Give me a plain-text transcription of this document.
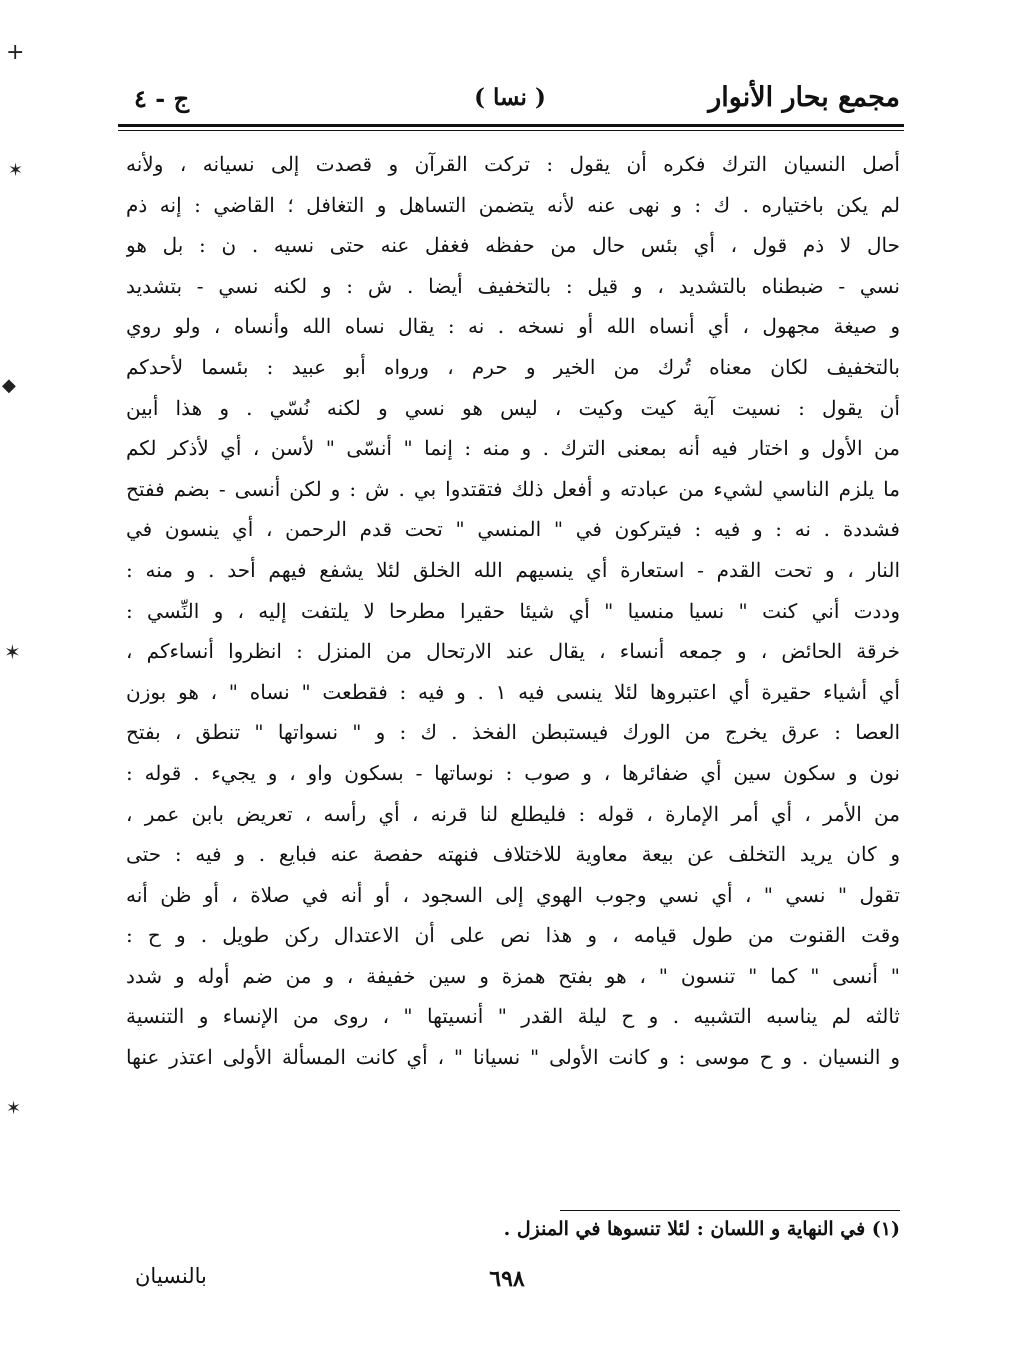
مجمع بحار الأنوار
( نسا )
ج - ٤
أصل النسيان الترك فكره أن يقول : تركت القرآن و قصدت إلى نسيانه ، ولأنه
لم يكن باختياره . ك : و نهى عنه لأنه يتضمن التساهل و التغافل ؛ القاضي : إنه ذم
حال لا ذم قول ، أي بئس حال من حفظه فغفل عنه حتى نسيه . ن : بل هو
نسي - ضبطناه بالتشديد ، و قيل : بالتخفيف أيضا . ش : و لكنه نسي - بتشديد
و صيغة مجهول ، أي أنساه الله أو نسخه . نه : يقال نساه الله وأنساه ، ولو روي
بالتخفيف لكان معناه تُرك من الخير و حرم ، ورواه أبو عبيد : بئسما لأحدكم
أن يقول : نسيت آية كيت وكيت ، ليس هو نسي و لكنه نُسّي . و هذا أبين
من الأول و اختار فيه أنه بمعنى الترك . و منه : إنما " أنسّى " لأسن ، أي لأذكر لكم
ما يلزم الناسي لشيء من عبادته و أفعل ذلك فتقتدوا بي . ش : و لكن أنسى - بضم ففتح
فشددة . نه : و فيه : فيتركون في " المنسي " تحت قدم الرحمن ، أي ينسون في
النار ، و تحت القدم - استعارة أي ينسيهم الله الخلق لئلا يشفع فيهم أحد . و منه :
وددت أني كنت " نسيا منسيا " أي شيئا حقيرا مطرحا لا يلتفت إليه ، و النِّسي :
خرقة الحائض ، و جمعه أنساء ، يقال عند الارتحال من المنزل : انظروا أنساءكم ،
أي أشياء حقيرة أي اعتبروها لئلا ينسى فيه ١ . و فيه : فقطعت " نساه " ، هو بوزن
العصا : عرق يخرج من الورك فيستبطن الفخذ . ك : و " نسواتها " تنطق ، بفتح
نون و سكون سين أي ضفائرها ، و صوب : نوساتها - بسكون واو ، و يجيء . قوله :
من الأمر ، أي أمر الإمارة ، قوله : فليطلع لنا قرنه ، أي رأسه ، تعريض بابن عمر ،
و كان يريد التخلف عن بيعة معاوية للاختلاف فنهته حفصة عنه فبايع . و فيه : حتى
تقول " نسي " ، أي نسي وجوب الهوي إلى السجود ، أو أنه في صلاة ، أو ظن أنه
وقت القنوت من طول قيامه ، و هذا نص على أن الاعتدال ركن طويل . و ح :
" أنسى " كما " تنسون " ، هو بفتح همزة و سين خفيفة ، و من ضم أوله و شدد
ثالثه لم يناسبه التشبيه . و ح ليلة القدر " أنسيتها " ، روى من الإنساء و التنسية
و النسيان . و ح موسى : و كانت الأولى " نسيانا " ، أي كانت المسألة الأولى اعتذر عنها
(١) في النهاية و اللسان : لئلا تنسوها في المنزل .
٦٩٨
بالنسيان
+
✶
◆
✶
✶
